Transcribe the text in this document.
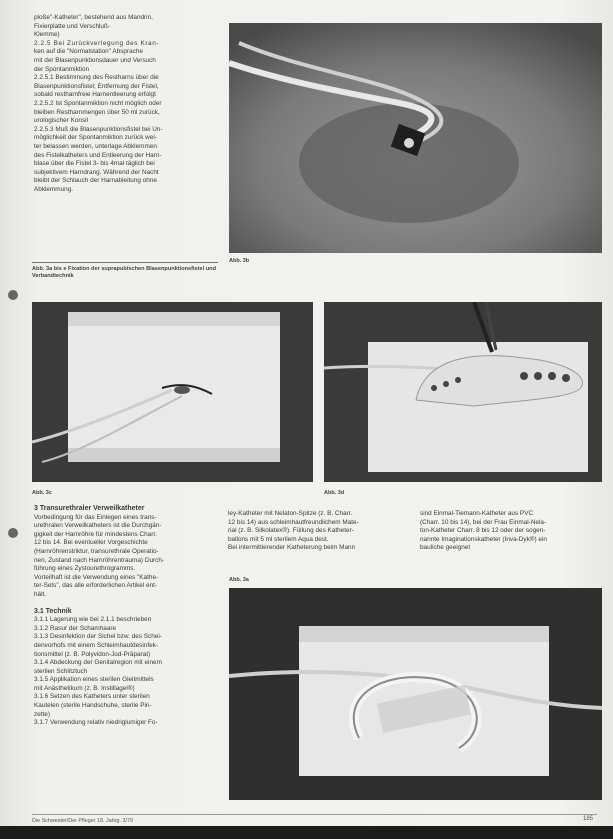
ploße"-Katheter", bestehend aus Mandrin,

Fixierplatte und Verschluß-

Klemme)

2.2.5 Bei Zurückverlegung des Kran-

ken auf die "Normalstation" Absprache

mit der Blasenpunktionsdauer und Versuch

der Spontanmiktion

2.2.5.1 Bestimmung des Restharns über die

Blasenpunktionsfistel; Entfernung der Fistel,

sobald restharnfreie Harnentleerung erfolgt

2.2.5.2 Ist Spontanmiktion nicht möglich oder

bleiben Restharnmengen über 50 ml zurück,

urologischer Konsil

2.2.5.3 Muß die Blasenpunktionsfistel bei Un-

möglichkeit der Spontanmiktion zurück wei-

ter belassen werden, unterlage Abklemmen

des Fistelkatheters und Entleerung der Harn-

blase über die Fistel 3- bis 4mal täglich bei

subjektivem Harndrang. Während der Nacht

bleibt der Schlauch der Harnableitung ohne

Abklemmung.

Abb. 3a bis e Fixation der suprapubischen Blasenpunktionsfistel und Verbandtechnik
Abb. 3b
Abb. 3c	Abb. 3d

3 Transurethraler Verweilkatheter

Vorbedingung für das Einlegen eines trans-

urethralen Verweilkatheters ist die Durchgän-

gigkeit der Harnröhre für mindestens Charr.

12 bis 14. Bei eventueller Vorgeschichte

(Harnröhrenstriktur, transurethrale Operatio-

nen, Zustand nach Harnröhrentrauma) Durch-

führung eines Zystourethrogramms.

Vorteilhaft ist die Verwendung eines "Kathe-

ter-Sets", das alle erforderlichen Artikel ent-

hält.

3.1 Technik

3.1.1 Lagerung wie bei 2.1.1 beschrieben

3.1.2 Rasur der Schamhaare

3.1.3 Desinfektion der Sichel bzw. des Schei-

denvorhofs mit einem Schleimhautdesinfek-

tionsmittel (z. B. Polyvidon-Jod-Präparat)

3.1.4 Abdeckung der Genitalregion mit einem

sterilen Schlitztuch

3.1.5 Applikation eines sterilen Gleitmittels

mit Anästhetikum (z. B. Instillagel®)

3.1.6 Setzen des Katheters unter sterilen

Kautelen (sterile Handschuhe, sterile Pin-

zette)

3.1.7 Verwendung relativ niedriglumiger Fo-

ley-Katheter mit Nelaton-Spitze (z. B. Charr.

12 bis 14) aus schleimhautfreundlichem Mate-

rial (z. B. Silkolatex®). Füllung des Katheter-

ballons mit 5 ml sterilem Aqua dest.

Bei intermittierender Katheterung beim Mann

sind Einmal-Tiemann-Katheter aus PVC

(Charr. 10 bis 14), bei der Frau Einmal-Nela-

ton-Katheter Charr. 8 bis 12 oder der sogen-

nannte Imaginationskatheter (Inva-Dyk®) ein

bauliche geeignet

Abb. 3a
Die Schwester/Der Pfleger 18. Jahrg. 3/79	185
